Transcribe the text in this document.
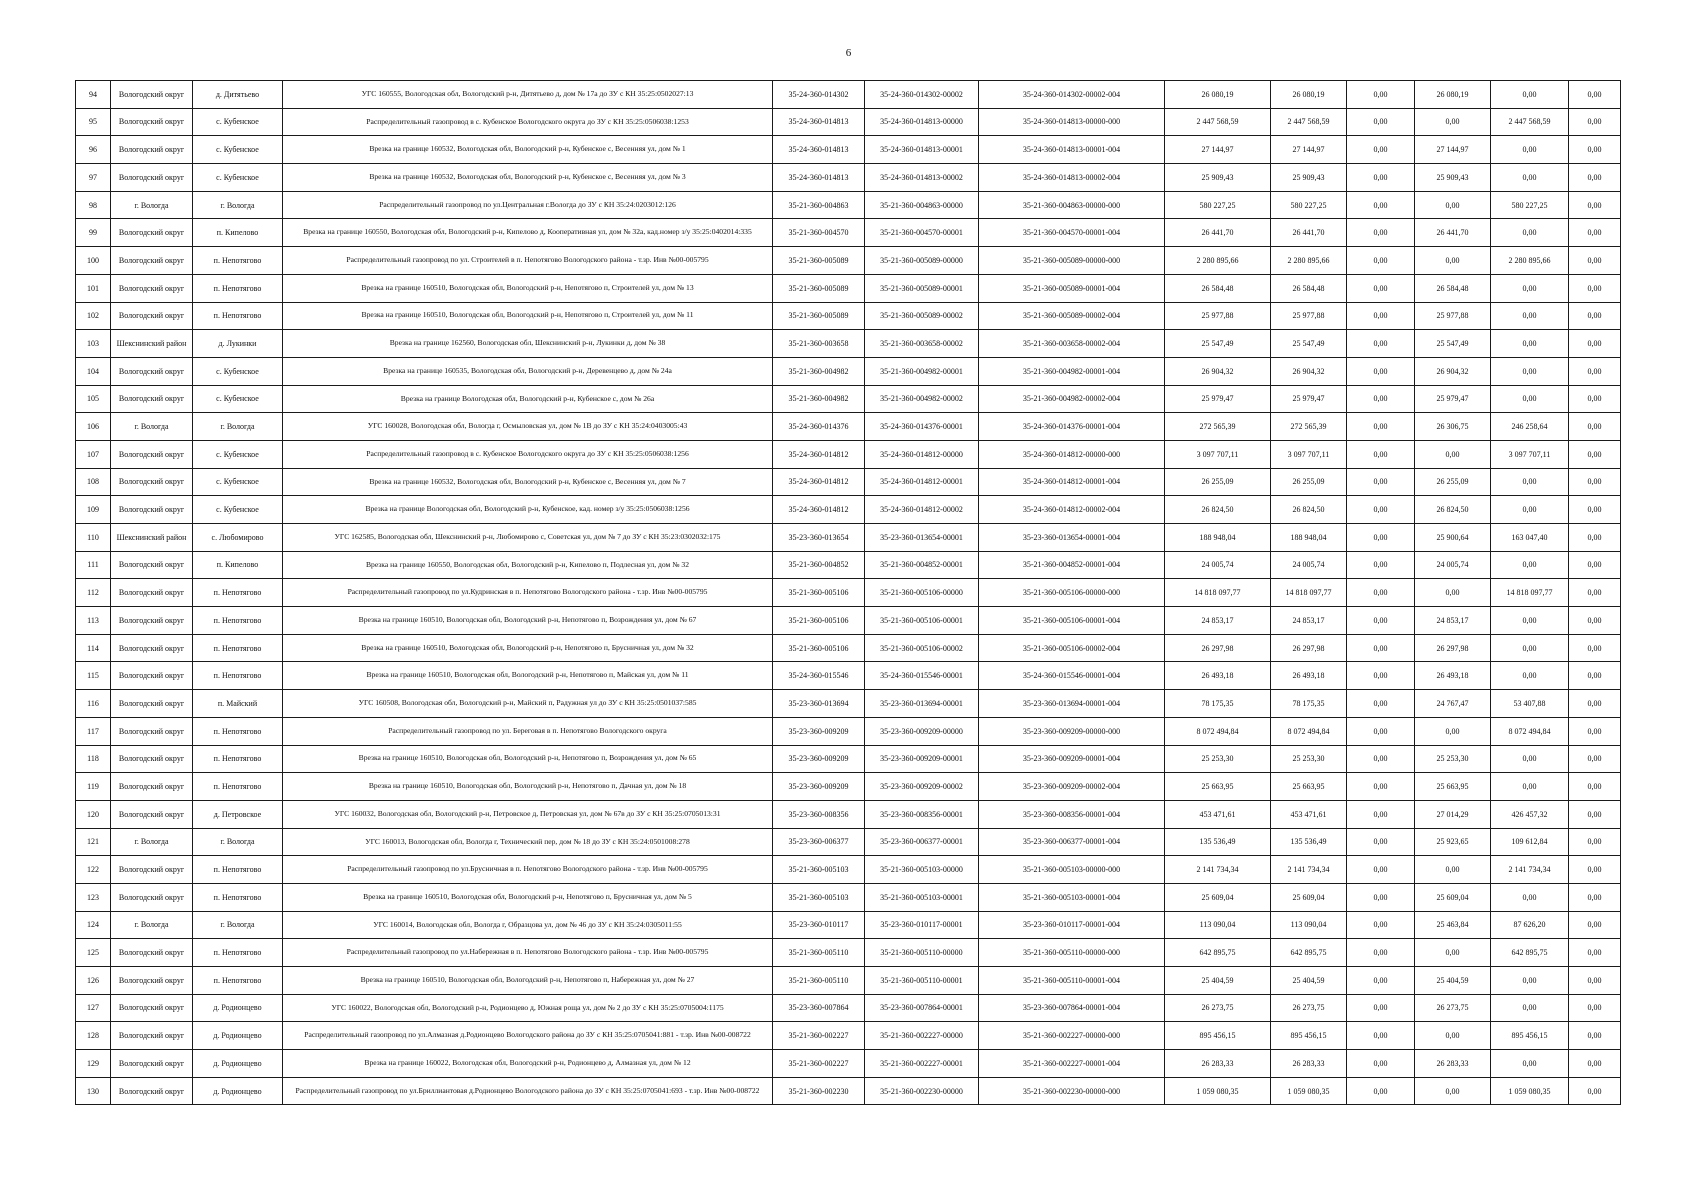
6
94	Вологодский округ	д. Дитятьево	УГС 160555, Вологодская обл, Вологодский р-н, Дитятьево д, дом № 17а до ЗУ с КН 35:25:0502027:13	35-24-360-014302	35-24-360-014302-00002	35-24-360-014302-00002-004	26 080,19	26 080,19	0,00	26 080,19	0,00	0,00
95	Вологодский округ	с. Кубенское	Распределительный газопровод в с. Кубенское Вологодского округа до ЗУ с КН 35:25:0506038:1253	35-24-360-014813	35-24-360-014813-00000	35-24-360-014813-00000-000	2 447 568,59	2 447 568,59	0,00	0,00	2 447 568,59	0,00
96	Вологодский округ	с. Кубенское	Врезка на границе 160532, Вологодская обл, Вологодский р-н, Кубенское с, Весенняя ул, дом № 1	35-24-360-014813	35-24-360-014813-00001	35-24-360-014813-00001-004	27 144,97	27 144,97	0,00	27 144,97	0,00	0,00
97	Вологодский округ	с. Кубенское	Врезка на границе 160532, Вологодская обл, Вологодский р-н, Кубенское с, Весенняя ул, дом № 3	35-24-360-014813	35-24-360-014813-00002	35-24-360-014813-00002-004	25 909,43	25 909,43	0,00	25 909,43	0,00	0,00
98	г. Вологда	г. Вологда	Распределительный газопровод по ул.Центральная г.Вологда до ЗУ с КН 35:24:0203012:126	35-21-360-004863	35-21-360-004863-00000	35-21-360-004863-00000-000	580 227,25	580 227,25	0,00	0,00	580 227,25	0,00
99	Вологодский округ	п. Кипелово	Врезка на границе 160550, Вологодская обл, Вологодский р-н, Кипелово д, Кооперативная ул, дом № 32а, кад.номер з/у 35:25:0402014:335	35-21-360-004570	35-21-360-004570-00001	35-21-360-004570-00001-004	26 441,70	26 441,70	0,00	26 441,70	0,00	0,00
100	Вологодский округ	п. Непотягово	Распределительный газопровод по ул. Строителей в п. Непотягово Вологодского района - т.зр. Инв №00-005795	35-21-360-005089	35-21-360-005089-00000	35-21-360-005089-00000-000	2 280 895,66	2 280 895,66	0,00	0,00	2 280 895,66	0,00
101	Вологодский округ	п. Непотягово	Врезка на границе 160510, Вологодская обл, Вологодский р-н, Непотягово п, Строителей ул, дом № 13	35-21-360-005089	35-21-360-005089-00001	35-21-360-005089-00001-004	26 584,48	26 584,48	0,00	26 584,48	0,00	0,00
102	Вологодский округ	п. Непотягово	Врезка на границе 160510, Вологодская обл, Вологодский р-н, Непотягово п, Строителей ул, дом № 11	35-21-360-005089	35-21-360-005089-00002	35-21-360-005089-00002-004	25 977,88	25 977,88	0,00	25 977,88	0,00	0,00
103	Шекснинский район	д. Лукинки	Врезка на границе 162560, Вологодская обл, Шекснинский р-н, Лукинки д, дом № 38	35-21-360-003658	35-21-360-003658-00002	35-21-360-003658-00002-004	25 547,49	25 547,49	0,00	25 547,49	0,00	0,00
104	Вологодский округ	с. Кубенское	Врезка на границе 160535, Вологодская обл, Вологодский р-н, Деревенцево д, дом № 24а	35-21-360-004982	35-21-360-004982-00001	35-21-360-004982-00001-004	26 904,32	26 904,32	0,00	26 904,32	0,00	0,00
105	Вологодский округ	с. Кубенское	Врезка на границе Вологодская обл, Вологодский р-н, Кубенское с, дом № 26а	35-21-360-004982	35-21-360-004982-00002	35-21-360-004982-00002-004	25 979,47	25 979,47	0,00	25 979,47	0,00	0,00
106	г. Вологда	г. Вологда	УГС 160028, Вологодская обл, Вологда г, Осмыловская ул, дом № 1В до ЗУ с КН 35:24:0403005:43	35-24-360-014376	35-24-360-014376-00001	35-24-360-014376-00001-004	272 565,39	272 565,39	0,00	26 306,75	246 258,64	0,00
107	Вологодский округ	с. Кубенское	Распределительный газопровод в с. Кубенское Вологодского округа до ЗУ с КН 35:25:0506038:1256	35-24-360-014812	35-24-360-014812-00000	35-24-360-014812-00000-000	3 097 707,11	3 097 707,11	0,00	0,00	3 097 707,11	0,00
108	Вологодский округ	с. Кубенское	Врезка на границе 160532, Вологодская обл, Вологодский р-н, Кубенское с, Весенняя ул, дом № 7	35-24-360-014812	35-24-360-014812-00001	35-24-360-014812-00001-004	26 255,09	26 255,09	0,00	26 255,09	0,00	0,00
109	Вологодский округ	с. Кубенское	Врезка на границе Вологодская обл, Вологодский р-н, Кубенское, кад. номер з/у 35:25:0506038:1256	35-24-360-014812	35-24-360-014812-00002	35-24-360-014812-00002-004	26 824,50	26 824,50	0,00	26 824,50	0,00	0,00
110	Шекснинский район	с. Любомирово	УГС 162585, Вологодская обл, Шекснинский р-н, Любомирово с, Советская ул, дом № 7 до ЗУ с КН 35:23:0302032:175	35-23-360-013654	35-23-360-013654-00001	35-23-360-013654-00001-004	188 948,04	188 948,04	0,00	25 900,64	163 047,40	0,00
111	Вологодский округ	п. Кипелово	Врезка на границе 160550, Вологодская обл, Вологодский р-н, Кипелово п, Подлесная ул, дом № 32	35-21-360-004852	35-21-360-004852-00001	35-21-360-004852-00001-004	24 005,74	24 005,74	0,00	24 005,74	0,00	0,00
112	Вологодский округ	п. Непотягово	Распределительный газопровод по ул.Кудринская в п. Непотягово Вологодского района - т.зр. Инв №00-005795	35-21-360-005106	35-21-360-005106-00000	35-21-360-005106-00000-000	14 818 097,77	14 818 097,77	0,00	0,00	14 818 097,77	0,00
113	Вологодский округ	п. Непотягово	Врезка на границе 160510, Вологодская обл, Вологодский р-н, Непотягово п, Возрождения ул, дом № 67	35-21-360-005106	35-21-360-005106-00001	35-21-360-005106-00001-004	24 853,17	24 853,17	0,00	24 853,17	0,00	0,00
114	Вологодский округ	п. Непотягово	Врезка на границе 160510, Вологодская обл, Вологодский р-н, Непотягово п, Брусничная ул, дом № 32	35-21-360-005106	35-21-360-005106-00002	35-21-360-005106-00002-004	26 297,98	26 297,98	0,00	26 297,98	0,00	0,00
115	Вологодский округ	п. Непотягово	Врезка на границе 160510, Вологодская обл, Вологодский р-н, Непотягово п, Майская ул, дом № 11	35-24-360-015546	35-24-360-015546-00001	35-24-360-015546-00001-004	26 493,18	26 493,18	0,00	26 493,18	0,00	0,00
116	Вологодский округ	п. Майский	УГС 160508, Вологодская обл, Вологодский р-н, Майский п, Радужная ул до ЗУ с КН 35:25:0501037:585	35-23-360-013694	35-23-360-013694-00001	35-23-360-013694-00001-004	78 175,35	78 175,35	0,00	24 767,47	53 407,88	0,00
117	Вологодский округ	п. Непотягово	Распределительный газопровод по ул. Береговая в п. Непотягово Вологодского округа	35-23-360-009209	35-23-360-009209-00000	35-23-360-009209-00000-000	8 072 494,84	8 072 494,84	0,00	0,00	8 072 494,84	0,00
118	Вологодский округ	п. Непотягово	Врезка на границе 160510, Вологодская обл, Вологодский р-н, Непотягово п, Возрождения ул, дом № 65	35-23-360-009209	35-23-360-009209-00001	35-23-360-009209-00001-004	25 253,30	25 253,30	0,00	25 253,30	0,00	0,00
119	Вологодский округ	п. Непотягово	Врезка на границе 160510, Вологодская обл, Вологодский р-н, Непотягово п, Дачная ул, дом № 18	35-23-360-009209	35-23-360-009209-00002	35-23-360-009209-00002-004	25 663,95	25 663,95	0,00	25 663,95	0,00	0,00
120	Вологодский округ	д. Петровское	УГС 160032, Вологодская обл, Вологодский р-н, Петровское д, Петровская ул, дом № 67в до ЗУ с КН 35:25:0705013:31	35-23-360-008356	35-23-360-008356-00001	35-23-360-008356-00001-004	453 471,61	453 471,61	0,00	27 014,29	426 457,32	0,00
121	г. Вологда	г. Вологда	УГС 160013, Вологодская обл, Вологда г, Технический пер, дом № 18 до ЗУ с КН 35:24:0501008:278	35-23-360-006377	35-23-360-006377-00001	35-23-360-006377-00001-004	135 536,49	135 536,49	0,00	25 923,65	109 612,84	0,00
122	Вологодский округ	п. Непотягово	Распределительный газопровод по ул.Брусничная в п. Непотягово Вологодского района - т.зр. Инв №00-005795	35-21-360-005103	35-21-360-005103-00000	35-21-360-005103-00000-000	2 141 734,34	2 141 734,34	0,00	0,00	2 141 734,34	0,00
123	Вологодский округ	п. Непотягово	Врезка на границе 160510, Вологодская обл, Вологодский р-н, Непотягово п, Брусничная ул, дом № 5	35-21-360-005103	35-21-360-005103-00001	35-21-360-005103-00001-004	25 609,04	25 609,04	0,00	25 609,04	0,00	0,00
124	г. Вологда	г. Вологда	УГС 160014, Вологодская обл, Вологда г, Образцова ул, дом № 46 до ЗУ с КН 35:24:0305011:55	35-23-360-010117	35-23-360-010117-00001	35-23-360-010117-00001-004	113 090,04	113 090,04	0,00	25 463,84	87 626,20	0,00
125	Вологодский округ	п. Непотягово	Распределительный газопровод по ул.Набережная в п. Непотягово Вологодского района - т.зр. Инв №00-005795	35-21-360-005110	35-21-360-005110-00000	35-21-360-005110-00000-000	642 895,75	642 895,75	0,00	0,00	642 895,75	0,00
126	Вологодский округ	п. Непотягово	Врезка на границе 160510, Вологодская обл, Вологодский р-н, Непотягово п, Набережная ул, дом № 27	35-21-360-005110	35-21-360-005110-00001	35-21-360-005110-00001-004	25 404,59	25 404,59	0,00	25 404,59	0,00	0,00
127	Вологодский округ	д. Родионцево	УГС 160022, Вологодская обл, Вологодский р-н, Родионцево д, Южная роща ул, дом № 2 до ЗУ с КН 35:25:0705004:1175	35-23-360-007864	35-23-360-007864-00001	35-23-360-007864-00001-004	26 273,75	26 273,75	0,00	26 273,75	0,00	0,00
128	Вологодский округ	д. Родионцево	Распределительный газопровод по ул.Алмазная д.Родионцево Вологодского района до ЗУ с КН 35:25:0705041:881 - т.зр. Инв №00-008722	35-21-360-002227	35-21-360-002227-00000	35-21-360-002227-00000-000	895 456,15	895 456,15	0,00	0,00	895 456,15	0,00
129	Вологодский округ	д. Родионцево	Врезка на границе 160022, Вологодская обл, Вологодский р-н, Родионцево д, Алмазная ул, дом № 12	35-21-360-002227	35-21-360-002227-00001	35-21-360-002227-00001-004	26 283,33	26 283,33	0,00	26 283,33	0,00	0,00
130	Вологодский округ	д. Родионцево	Распределительный газопровод по ул.Бриллиантовая д.Родионцево Вологодского района до ЗУ с КН 35:25:0705041:693 - т.зр. Инв №00-008722	35-21-360-002230	35-21-360-002230-00000	35-21-360-002230-00000-000	1 059 080,35	1 059 080,35	0,00	0,00	1 059 080,35	0,00
